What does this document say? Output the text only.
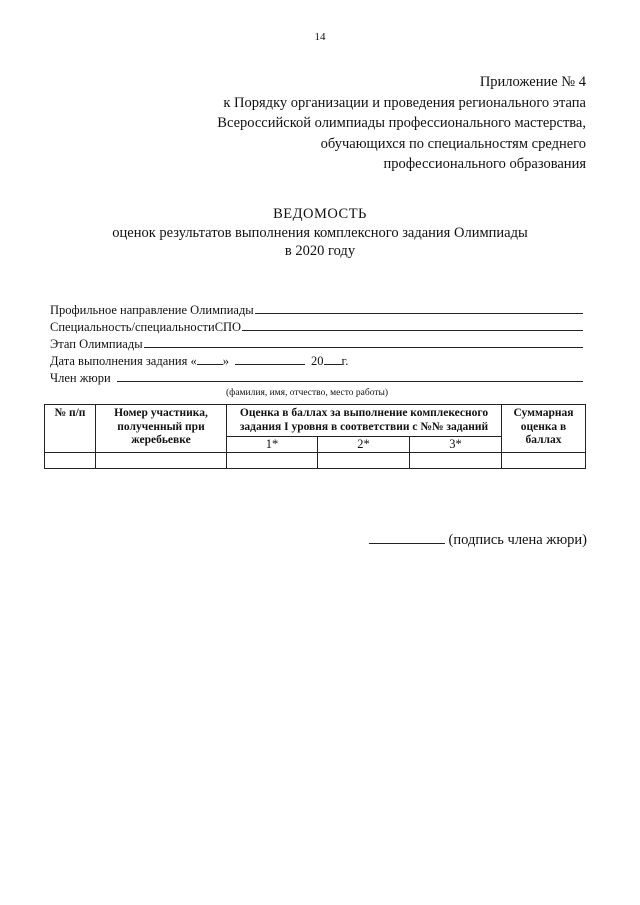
14
Приложение № 4
к Порядку организации и проведения регионального этапа
Всероссийской олимпиады профессионального мастерства,
обучающихся по специальностям среднего
профессионального образования
ВЕДОМОСТЬ
оценок результатов выполнения комплексного задания Олимпиады
в 2020 году
Профильное направление Олимпиады
Специальность/специальностиСПО
Этап Олимпиады
Дата выполнения задания « »	20 г.
Член жюри
(фамилия, имя, отчество, место работы)
№ п/п	Номер участника, полученный при жеребьевке	Оценка в баллах за выполнение комплекесного задания I уровня в соответствии с №№ заданий			Суммарная оценка в баллах
		1*	2*	3*	

(подпись члена жюри)
